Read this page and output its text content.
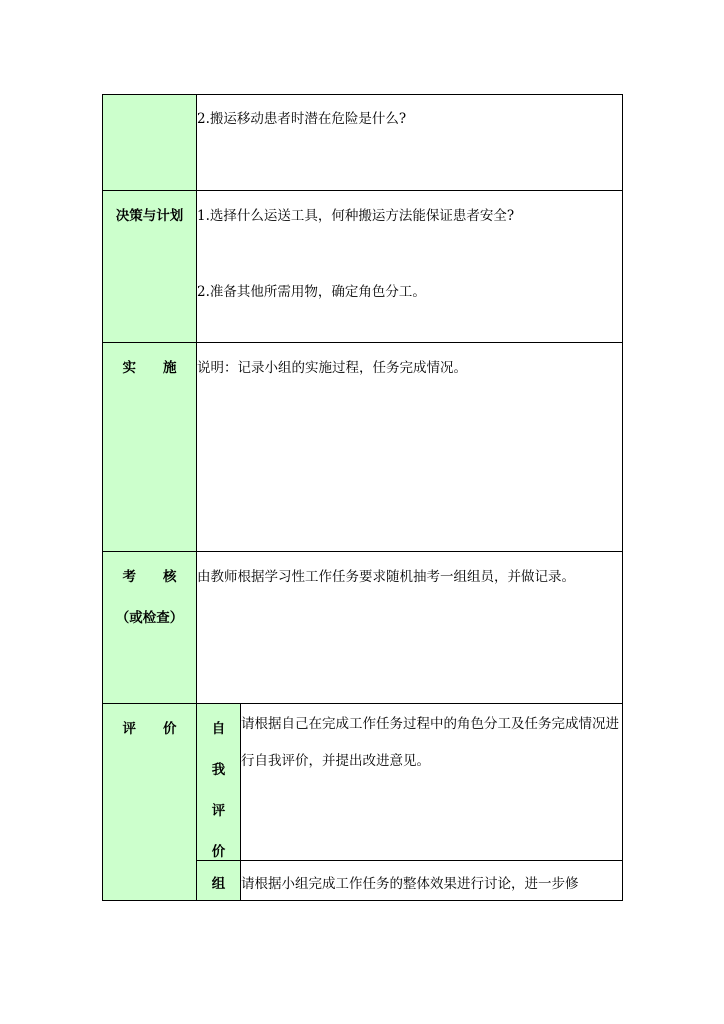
	2.搬运移动患者时潜在危险是什么?	

决策与计划	1.选择什么运送工具，何种搬运方法能保证患者安全?
2.准备其他所需用物，确定角色分工。	

实　　施	说明：记录小组的实施过程，任务完成情况。	

考　　核
（或检查）	由教师根据学习性工作任务要求随机抽考一组组员，并做记录。	

评　　价	自
我
评
价	请根据自己在完成工作任务过程中的角色分工及任务完成情况进行自我评价，并提出改进意见。

	组	请根据小组完成工作任务的整体效果进行讨论，进一步修
